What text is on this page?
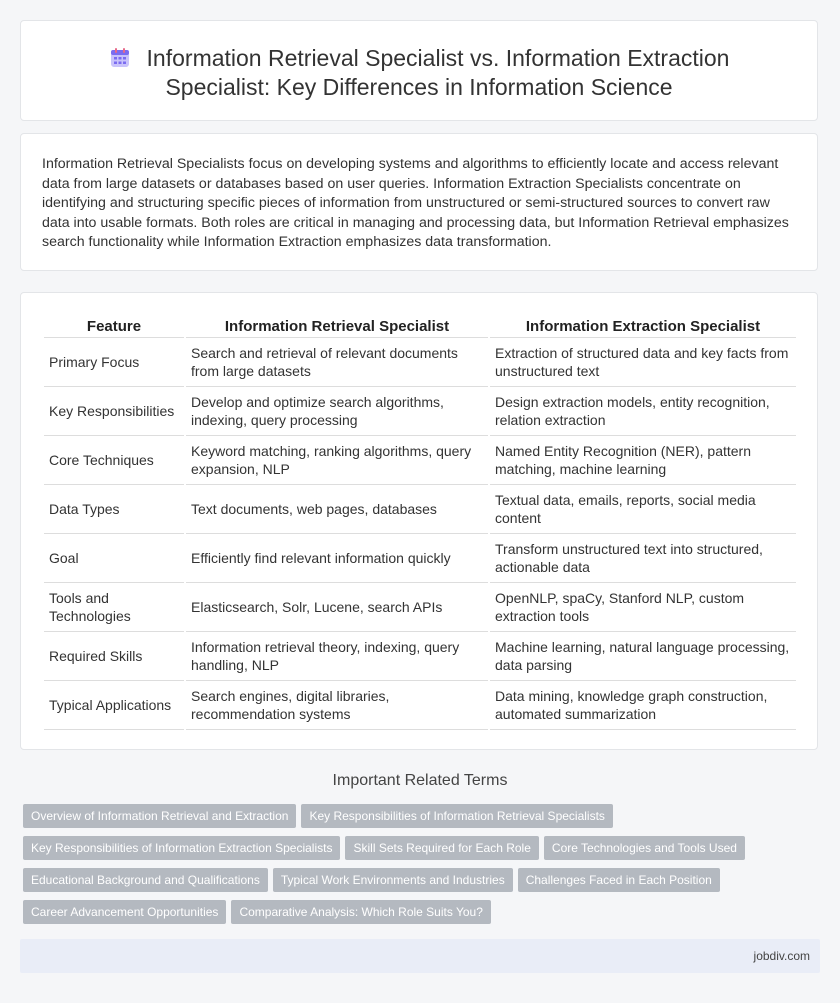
Information Retrieval Specialist vs. Information Extraction Specialist: Key Differences in Information Science

Information Retrieval Specialists focus on developing systems and algorithms to efficiently locate and access relevant data from large datasets or databases based on user queries. Information Extraction Specialists concentrate on identifying and structuring specific pieces of information from unstructured or semi-structured sources to convert raw data into usable formats. Both roles are critical in managing and processing data, but Information Retrieval emphasizes search functionality while Information Extraction emphasizes data transformation.

Feature	Information Retrieval Specialist	Information Extraction Specialist
Primary Focus	Search and retrieval of relevant documents from large datasets	Extraction of structured data and key facts from unstructured text
Key Responsibilities	Develop and optimize search algorithms, indexing, query processing	Design extraction models, entity recognition, relation extraction
Core Techniques	Keyword matching, ranking algorithms, query expansion, NLP	Named Entity Recognition (NER), pattern matching, machine learning
Data Types	Text documents, web pages, databases	Textual data, emails, reports, social media content
Goal	Efficiently find relevant information quickly	Transform unstructured text into structured, actionable data
Tools and Technologies	Elasticsearch, Solr, Lucene, search APIs	OpenNLP, spaCy, Stanford NLP, custom extraction tools
Required Skills	Information retrieval theory, indexing, query handling, NLP	Machine learning, natural language processing, data parsing
Typical Applications	Search engines, digital libraries, recommendation systems	Data mining, knowledge graph construction, automated summarization
Important Related Terms
Overview of Information Retrieval and Extraction Key Responsibilities of Information Retrieval Specialists
Key Responsibilities of Information Extraction Specialists Skill Sets Required for Each Role Core Technologies and Tools Used
Educational Background and Qualifications Typical Work Environments and Industries Challenges Faced in Each Position
Career Advancement Opportunities Comparative Analysis: Which Role Suits You?
jobdiv.com
